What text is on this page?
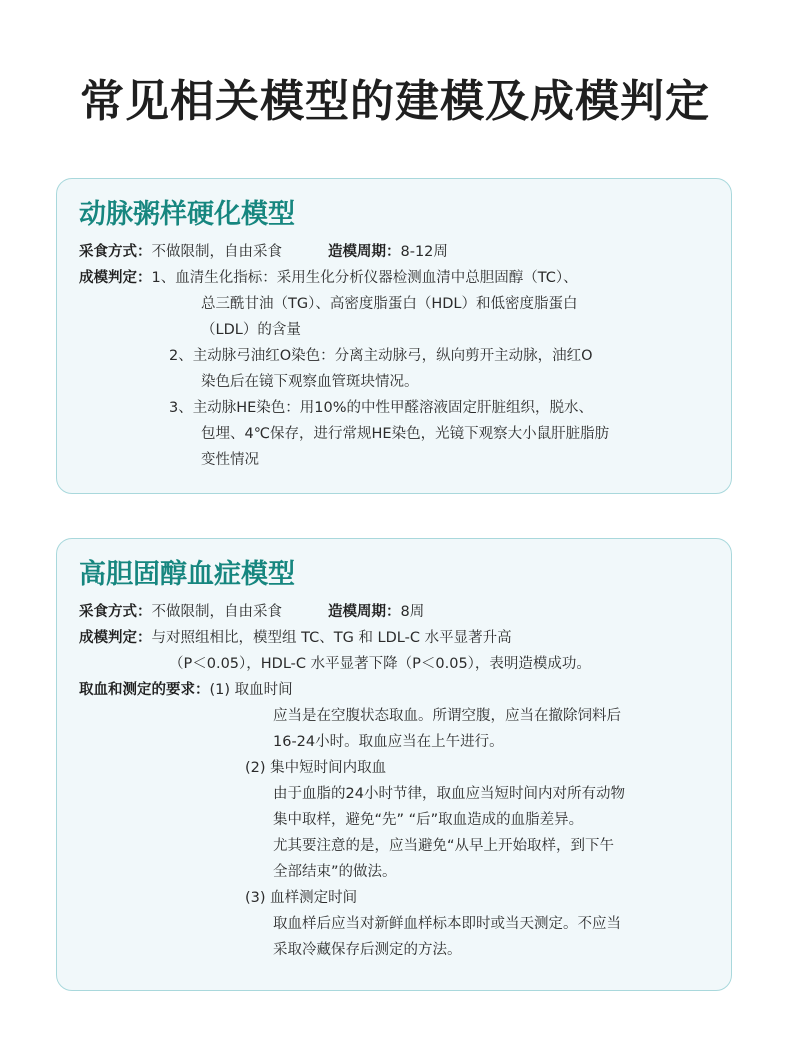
常见相关模型的建模及成模判定
动脉粥样硬化模型
采食方式：不做限制，自由采食	造模周期：8-12周
成模判定：1、血清生化指标：采用生化分析仪器检测血清中总胆固醇（TC）、
总三酰甘油（TG）、高密度脂蛋白（HDL）和低密度脂蛋白
（LDL）的含量
2、主动脉弓油红O染色：分离主动脉弓，纵向剪开主动脉，油红O
染色后在镜下观察血管斑块情况。
3、主动脉HE染色：用10%的中性甲醛溶液固定肝脏组织，脱水、
包埋、4℃保存，进行常规HE染色，光镜下观察大小鼠肝脏脂肪
变性情况
高胆固醇血症模型
采食方式：不做限制，自由采食	造模周期：8周
成模判定：与对照组相比，模型组 TC、TG 和 LDL-C 水平显著升高
（P＜0.05），HDL-C 水平显著下降（P＜0.05），表明造模成功。
取血和测定的要求：(1) 取血时间
应当是在空腹状态取血。所谓空腹，应当在撤除饲料后
16-24小时。取血应当在上午进行。
(2) 集中短时间内取血
由于血脂的24小时节律，取血应当短时间内对所有动物
集中取样，避免“先” “后”取血造成的血脂差异。
尤其要注意的是，应当避免“从早上开始取样，到下午
全部结束”的做法。
(3) 血样测定时间
取血样后应当对新鲜血样标本即时或当天测定。不应当
采取冷藏保存后测定的方法。
